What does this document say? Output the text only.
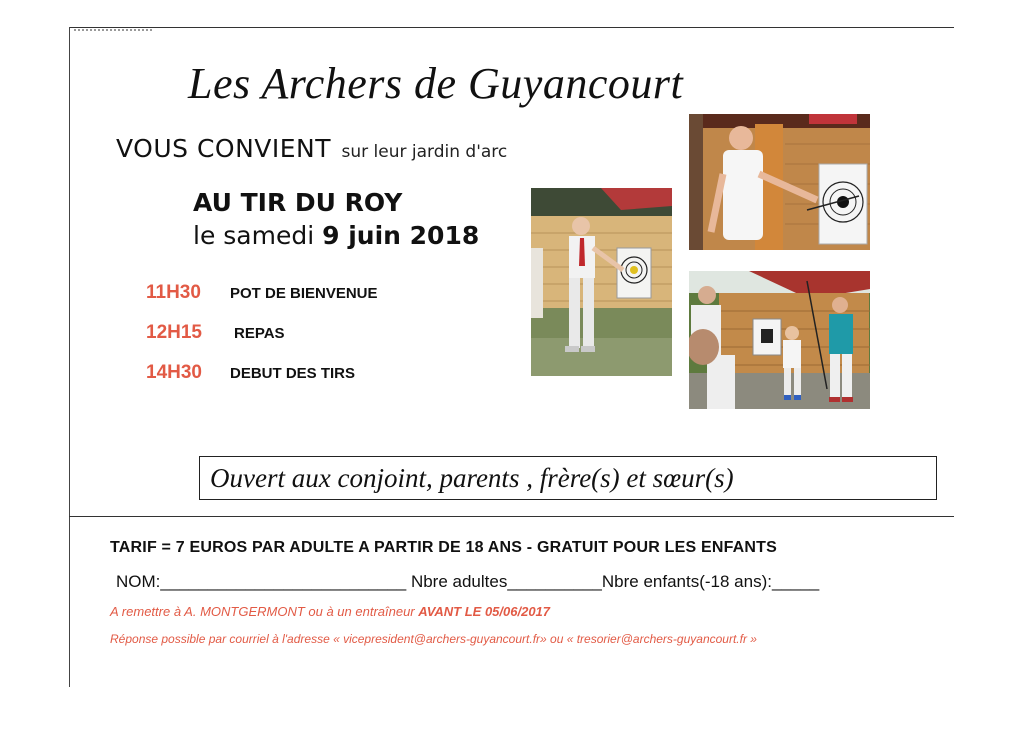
Les Archers de Guyancourt
VOUS CONVIENT sur leur jardin d'arc
AU TIR DU ROY
le samedi 9 juin 2018
11H30	POT DE BIENVENUE
12H15	REPAS
14H30	DEBUT DES TIRS
Ouvert aux conjoint, parents , frère(s) et sœur(s)
TARIF = 7 EUROS PAR ADULTE A PARTIR DE 18 ANS - GRATUIT POUR LES ENFANTS
NOM:__________________________ Nbre adultes__________Nbre enfants(-18 ans):_____
A remettre à A. MONTGERMONT ou à un entraîneur AVANT LE 05/06/2017
Réponse possible par courriel à l'adresse « vicepresident@archers-guyancourt.fr» ou « tresorier@archers-guyancourt.fr »
